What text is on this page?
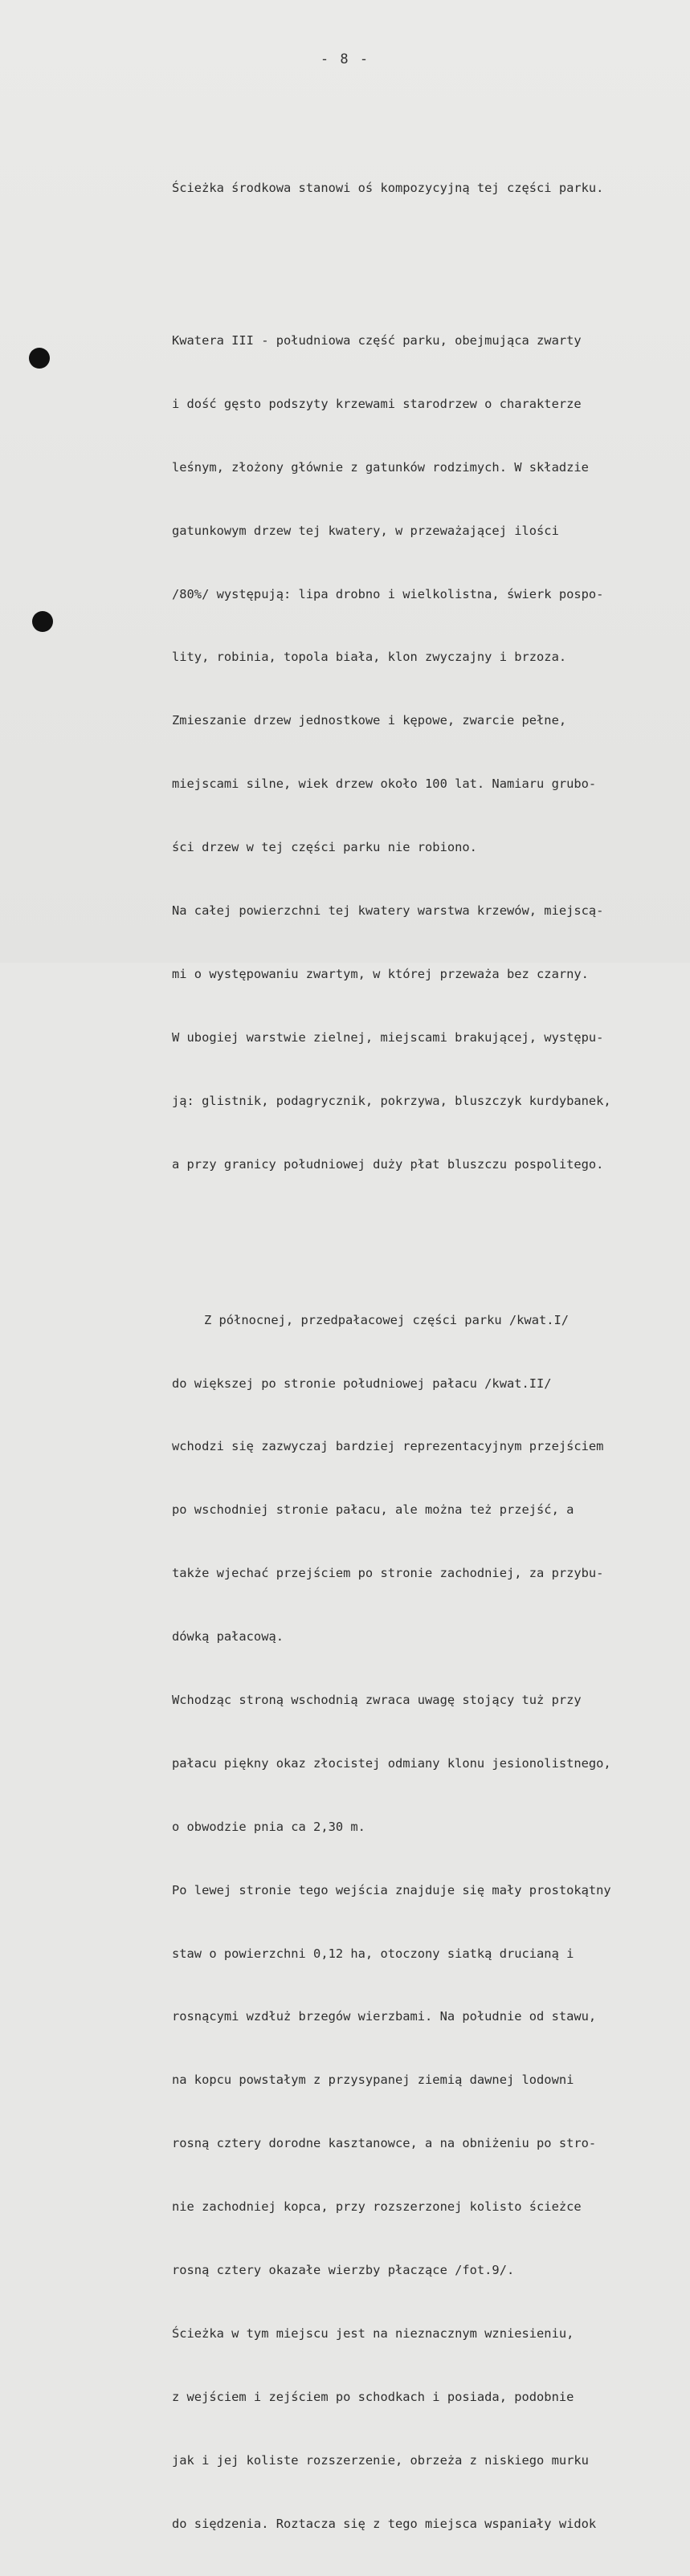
- 8 -

Ścieżka środkowa stanowi oś kompozycyjną tej części parku.

Kwatera III - południowa część parku, obejmująca zwarty

i dość gęsto podszyty krzewami starodrzew o charakterze

leśnym, złożony głównie z gatunków rodzimych. W składzie

gatunkowym drzew tej kwatery, w przeważającej ilości

/80%/ występują: lipa drobno i wielkolistna, świerk pospo-

lity, robinia, topola biała, klon zwyczajny i brzoza.

Zmieszanie drzew jednostkowe i kępowe, zwarcie pełne,

miejscami silne, wiek drzew około 100 lat. Namiaru grubo-

ści drzew w tej części parku nie robiono.

Na całej powierzchni tej kwatery warstwa krzewów, miejscą-

mi o występowaniu zwartym, w której przeważa bez czarny.

W ubogiej warstwie zielnej, miejscami brakującej, występu-

ją: glistnik, podagrycznik, pokrzywa, bluszczyk kurdybanek,

a przy granicy południowej duży płat bluszczu pospolitego.

Z północnej, przedpałacowej części parku /kwat.I/

do większej po stronie południowej pałacu /kwat.II/

wchodzi się zazwyczaj bardziej reprezentacyjnym przejściem

po wschodniej stronie pałacu, ale można też przejść, a

także wjechać przejściem po stronie zachodniej, za przybu-

dówką pałacową.

Wchodząc stroną wschodnią zwraca uwagę stojący tuż przy

pałacu piękny okaz złocistej odmiany klonu jesionolistnego,

o obwodzie pnia ca 2,30 m.

Po lewej stronie tego wejścia znajduje się mały prostokątny

staw o powierzchni 0,12 ha, otoczony siatką drucianą i

rosnącymi wzdłuż brzegów wierzbami. Na południe od stawu,

na kopcu powstałym z przysypanej ziemią dawnej lodowni

rosną cztery dorodne kasztanowce, a na obniżeniu po stro-

nie zachodniej kopca, przy rozszerzonej kolisto ścieżce

rosną cztery okazałe wierzby płaczące /fot.9/.

Ścieżka w tym miejscu jest na nieznacznym wzniesieniu,

z wejściem i zejściem po schodkach i posiada, podobnie

jak i jej koliste rozszerzenie, obrzeża z niskiego murku

do siędzenia. Roztacza się z tego miejsca wspaniały widok
